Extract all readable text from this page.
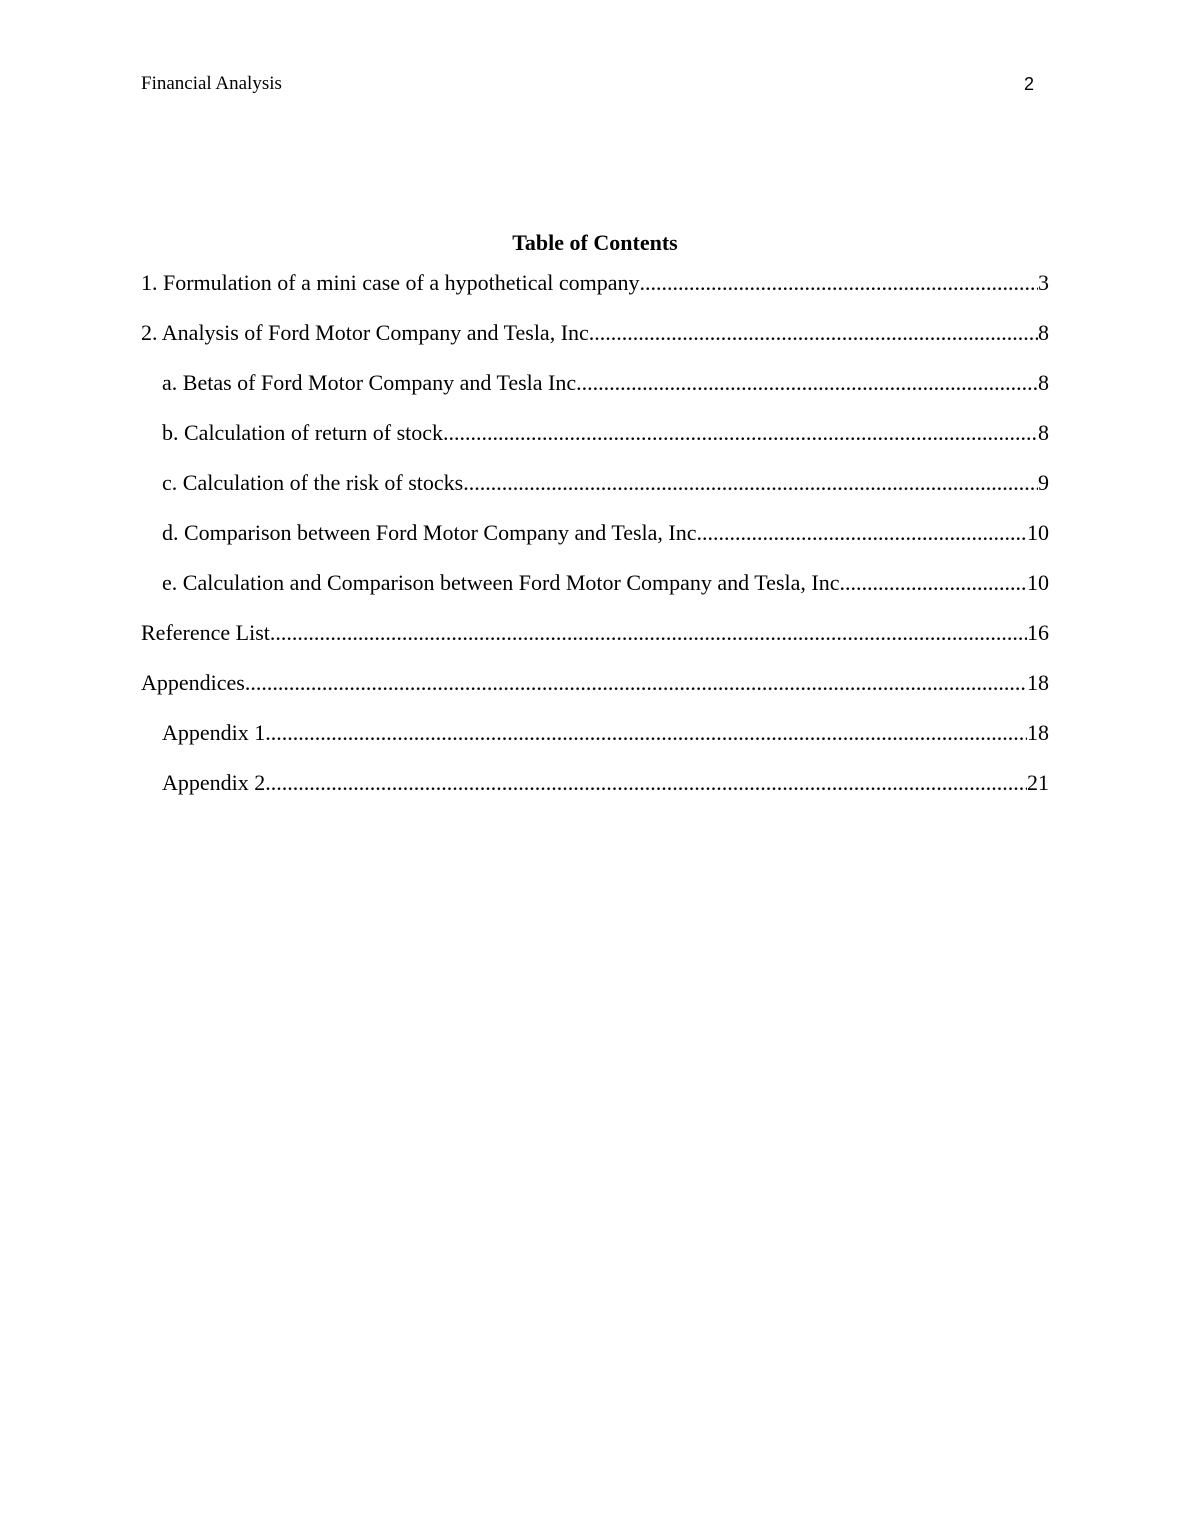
Financial Analysis	2
Table of Contents
1. Formulation of a mini case of a hypothetical company .....	3
2. Analysis of Ford Motor Company and Tesla, Inc .....	8
a. Betas of Ford Motor Company and Tesla Inc .....	8
b. Calculation of return of stock .....	8
c. Calculation of the risk of stocks .....	9
d. Comparison between Ford Motor Company and Tesla, Inc .....	10
e. Calculation and Comparison between Ford Motor Company and Tesla, Inc .....	10
Reference List .....	16
Appendices .....	18
Appendix 1 .....	18
Appendix 2 .....	21
